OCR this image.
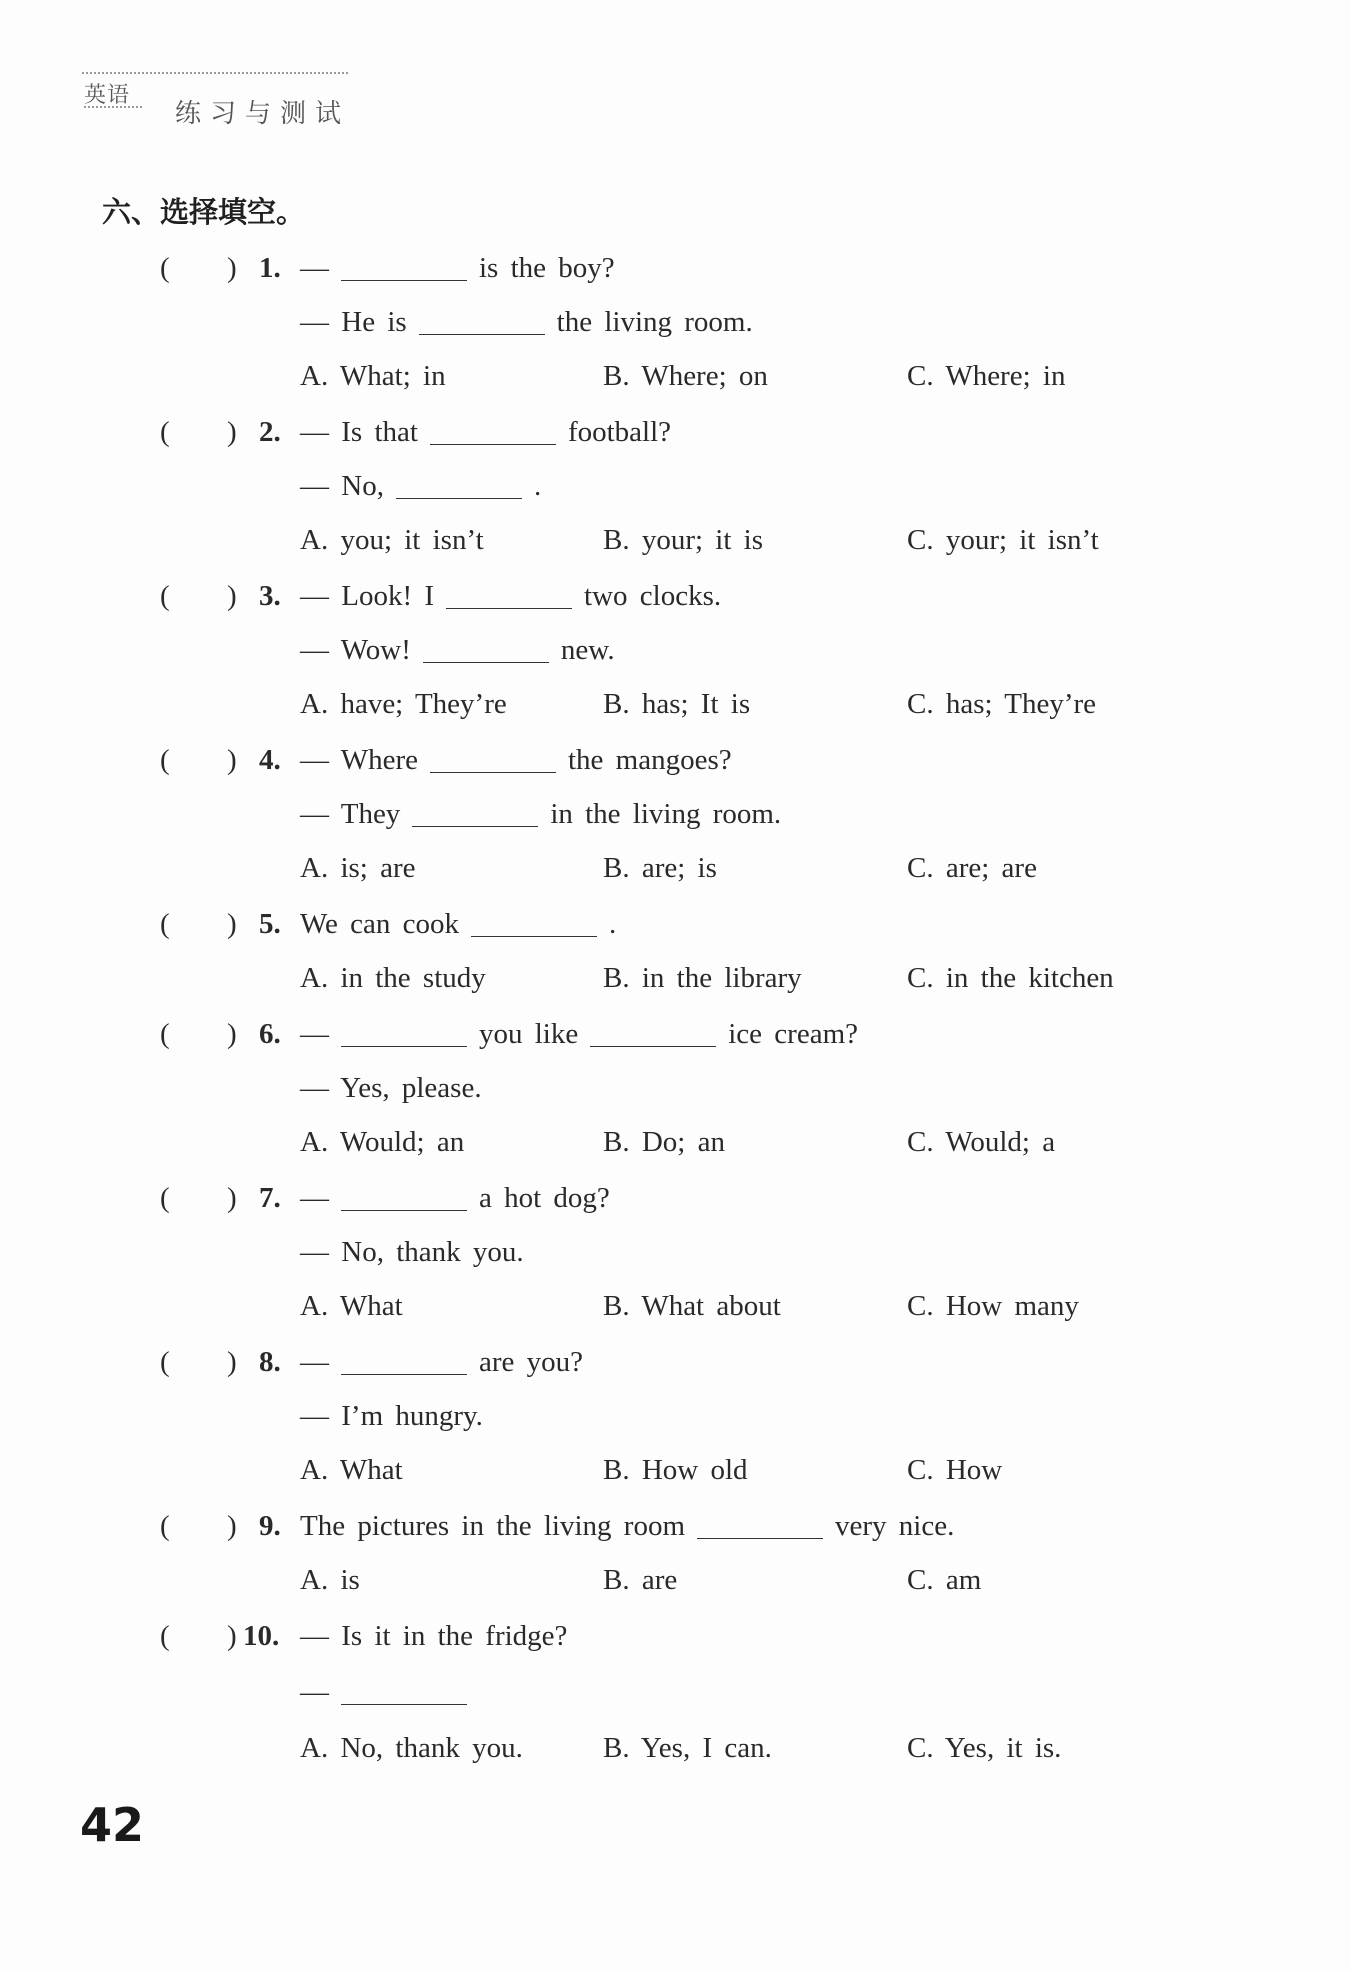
英语
练习与测试
六、选择填空。
( ) 1. —	is the boy?
— He is	the living room.
A. What; in	B. Where; on	C. Where; in
( ) 2. — Is that	football?
— No,	.
A. you; it isn’t	B. your; it is	C. your; it isn’t
( ) 3. — Look! I	two clocks.
— Wow!	new.
A. have; They’re	B. has; It is	C. has; They’re
( ) 4. — Where	the mangoes?
— They	in the living room.
A. is; are	B. are; is	C. are; are
( ) 5. We can cook	.
A. in the study	B. in the library	C. in the kitchen
( ) 6. —	you like	ice cream?
— Yes, please.
A. Would; an	B. Do; an	C. Would; a
( ) 7. —	a hot dog?
— No, thank you.
A. What	B. What about	C. How many
( ) 8. —	are you?
— I’m hungry.
A. What	B. How old	C. How
( ) 9. The pictures in the living room	very nice.
A. is	B. are	C. am
( ) 10. — Is it in the fridge?
—
A. No, thank you.	B. Yes, I can.	C. Yes, it is.
42
